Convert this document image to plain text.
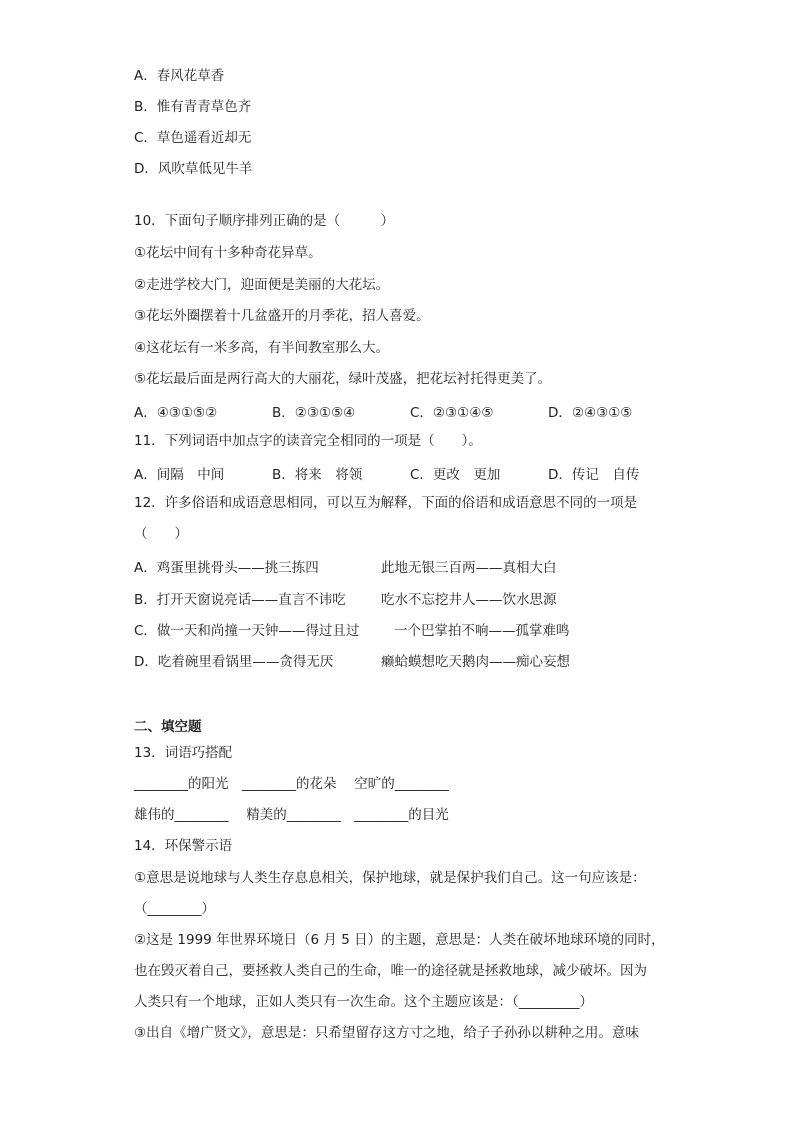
A．春风花草香
B．惟有青青草色齐
C．草色遥看近却无
D．风吹草低见牛羊
10．下面句子顺序排列正确的是（　　　）
①花坛中间有十多种奇花异草。
②走进学校大门，迎面便是美丽的大花坛。
③花坛外圈摆着十几盆盛开的月季花，招人喜爱。
④这花坛有一米多高，有半间教室那么大。
⑤花坛最后面是两行高大的大丽花，绿叶茂盛，把花坛衬托得更美了。
A．④③①⑤②	B．②③①⑤④	C．②③①④⑤	D．②④③①⑤
11．下列词语中加点字的读音完全相同的一项是（　　）。
A．间隔　中间	B．将来　将领	C．更改　更加	D．传记　自传
12．许多俗语和成语意思相同，可以互为解释，下面的俗语和成语意思不同的一项是
（　　）
A．鸡蛋里挑骨头——挑三拣四	此地无银三百两——真相大白
B．打开天窗说亮话——直言不讳吃	吃水不忘挖井人——饮水思源
C．做一天和尚撞一天钟——得过且过	一个巴掌拍不响——孤掌难鸣
D．吃着碗里看锅里——贪得无厌	癞蛤蟆想吃天鹅肉——痴心妄想
二、填空题
13．词语巧搭配
________的阳光　________的花朵　 空旷的________
雄伟的________　 精美的________　________的目光
14．环保警示语
①意思是说地球与人类生存息息相关，保护地球，就是保护我们自己。这一句应该是：
（________）
②这是 1999 年世界环境日（6 月 5 日）的主题，意思是：人类在破坏地球环境的同时，
也在毁灭着自己，要拯救人类自己的生命，唯一的途径就是拯救地球，减少破坏。因为
人类只有一个地球，正如人类只有一次生命。这个主题应该是：（_________）
③出自《增广贤文》，意思是：只希望留存这方寸之地，给子子孙孙以耕种之用。意味
